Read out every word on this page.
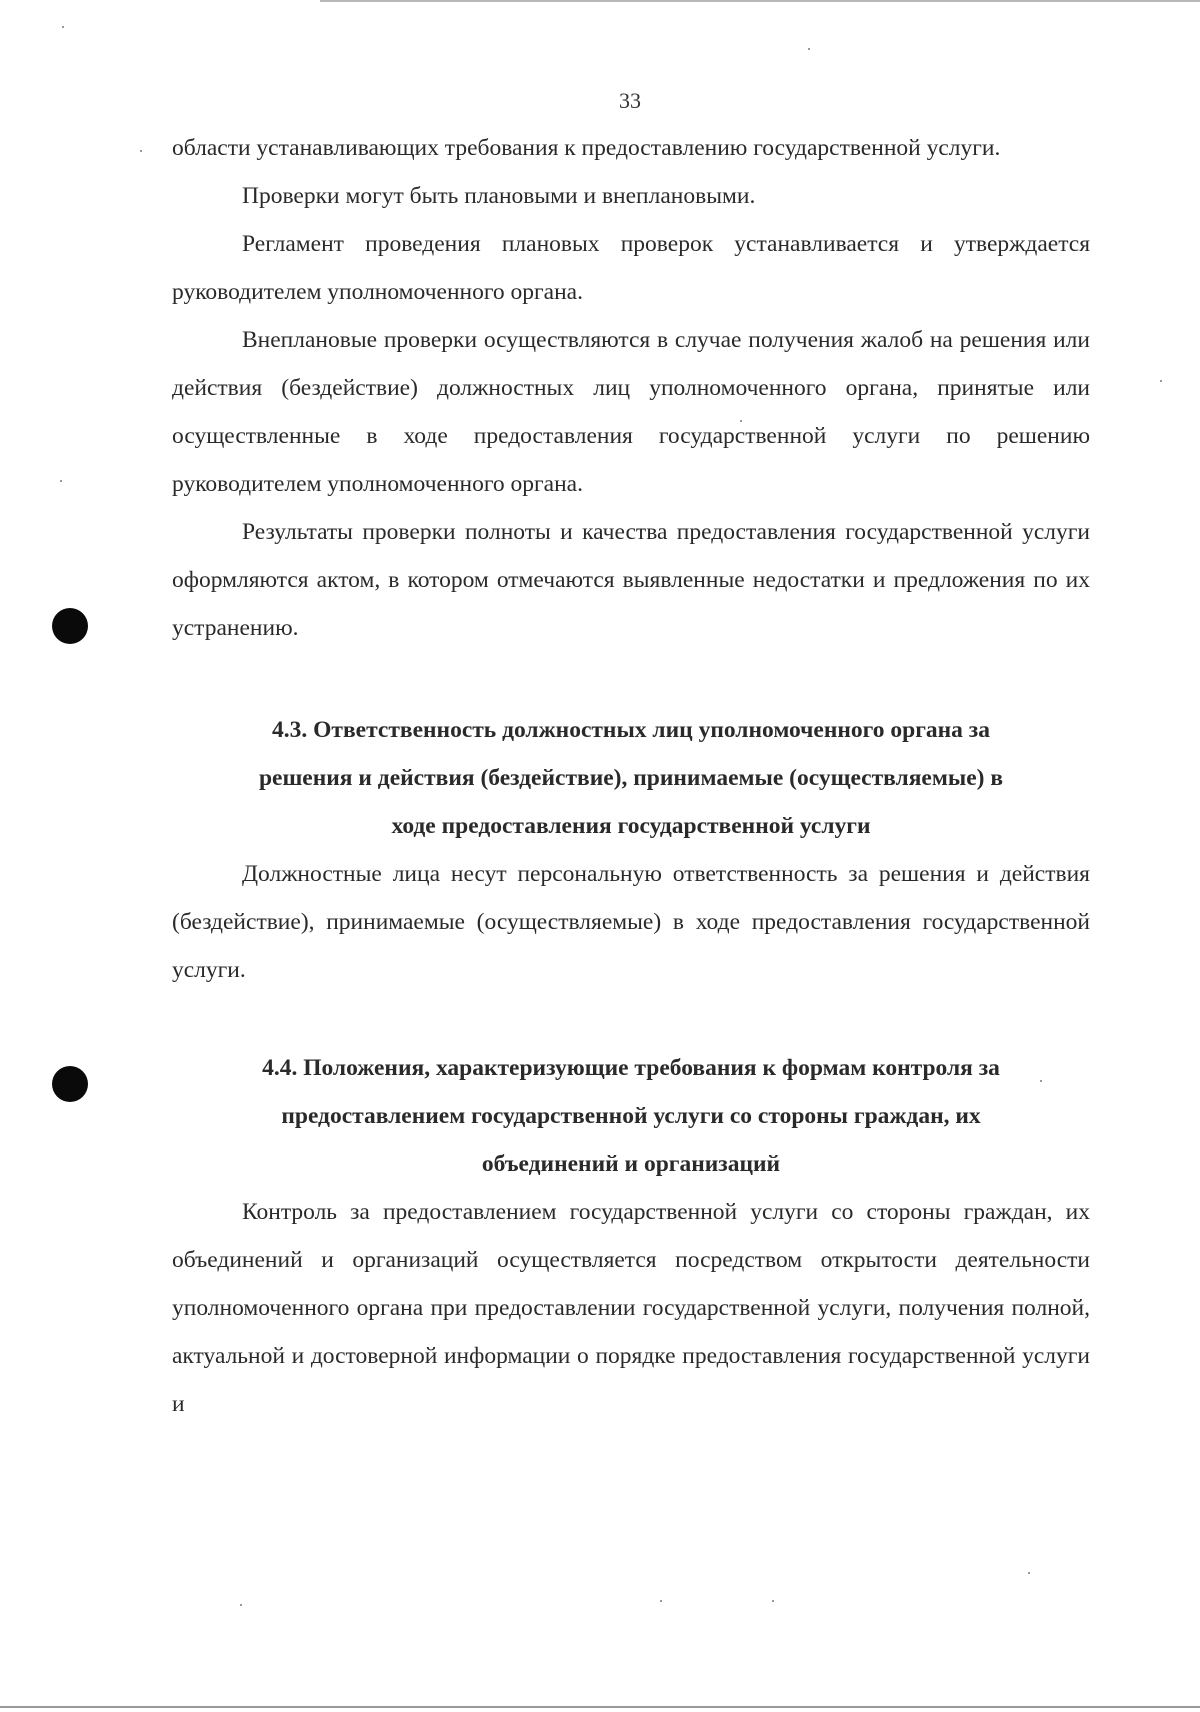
33

области устанавливающих требования к предоставлению государственной услуги.

Проверки могут быть плановыми и внеплановыми.

Регламент проведения плановых проверок устанавливается и утверждается руководителем уполномоченного органа.

Внеплановые проверки осуществляются в случае получения жалоб на решения или действия (бездействие) должностных лиц уполномоченного органа, принятые или осуществленные в ходе предоставления государственной услуги по решению руководителем уполномоченного органа.

Результаты проверки полноты и качества предоставления государственной услуги оформляются актом, в котором отмечаются выявленные недостатки и предложения по их устранению.

4.3. Ответственность должностных лиц уполномоченного органа за

решения и действия (бездействие), принимаемые (осуществляемые) в

ходе предоставления государственной услуги

Должностные лица несут персональную ответственность за решения и действия (бездействие), принимаемые (осуществляемые) в ходе предоставления государственной услуги.

4.4. Положения, характеризующие требования к формам контроля за

предоставлением государственной услуги со стороны граждан, их

объединений и организаций

Контроль за предоставлением государственной услуги со стороны граждан, их объединений и организаций осуществляется посредством открытости деятельности уполномоченного органа при предоставлении государственной услуги, получения полной, актуальной и достоверной информации о порядке предоставления государственной услуги и
